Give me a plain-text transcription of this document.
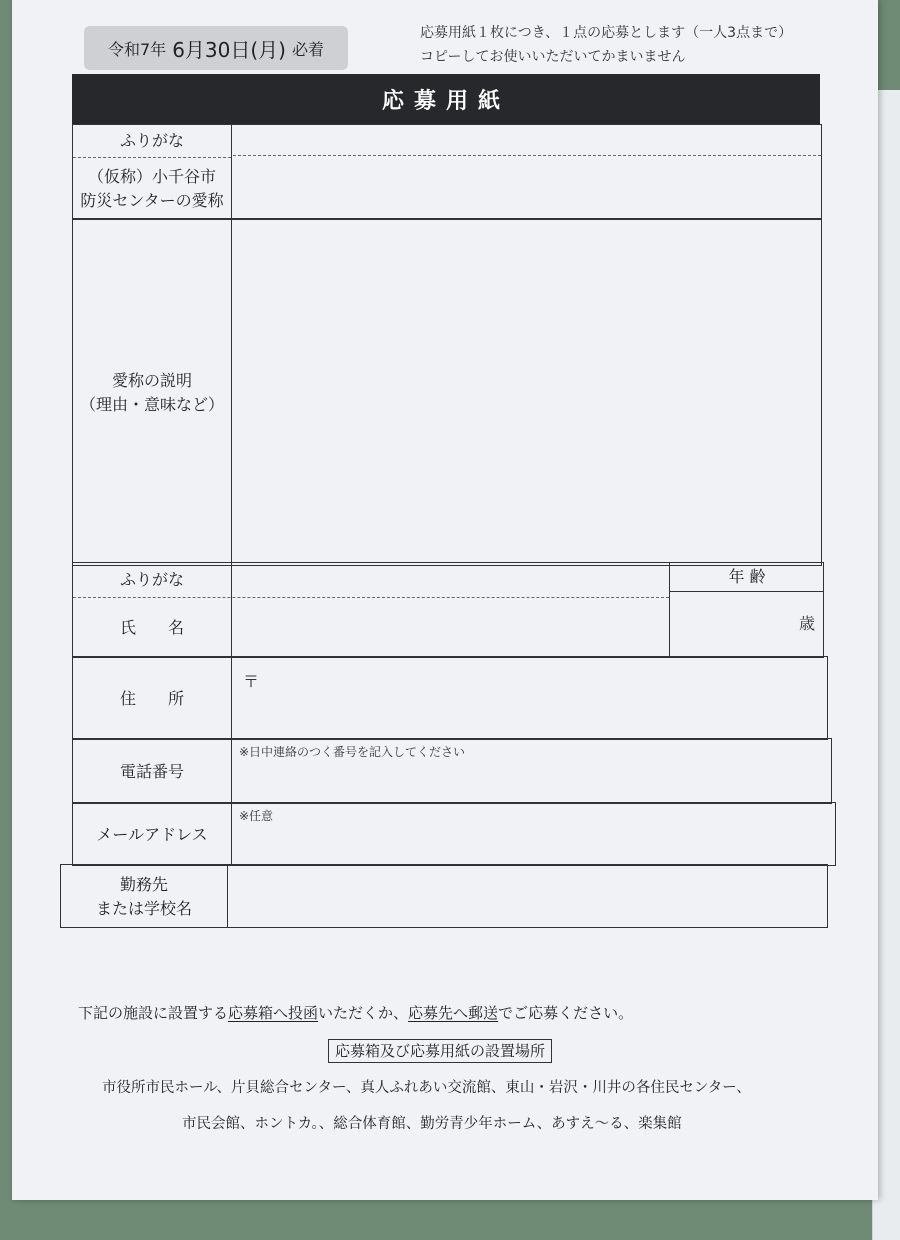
令和7年 6月30日(月) 必着
応募用紙１枚につき、１点の応募とします（一人3点まで）
コピーしてお使いいただいてかまいません
応募用紙
ふりがな
（仮称）小千谷市
防災センターの愛称
愛称の説明
（理由・意味など）
ふりがな
氏　　名
年 齢
歳
住　　所
〒
電話番号
※日中連絡のつく番号を記入してください
メールアドレス
※任意
勤務先
または学校名
下記の施設に設置する応募箱へ投函いただくか、応募先へ郵送でご応募ください。
応募箱及び応募用紙の設置場所
市役所市民ホール、片貝総合センター、真人ふれあい交流館、東山・岩沢・川井の各住民センター、
市民会館、ホントカ。、総合体育館、勤労青少年ホーム、あすえ～る、楽集館
